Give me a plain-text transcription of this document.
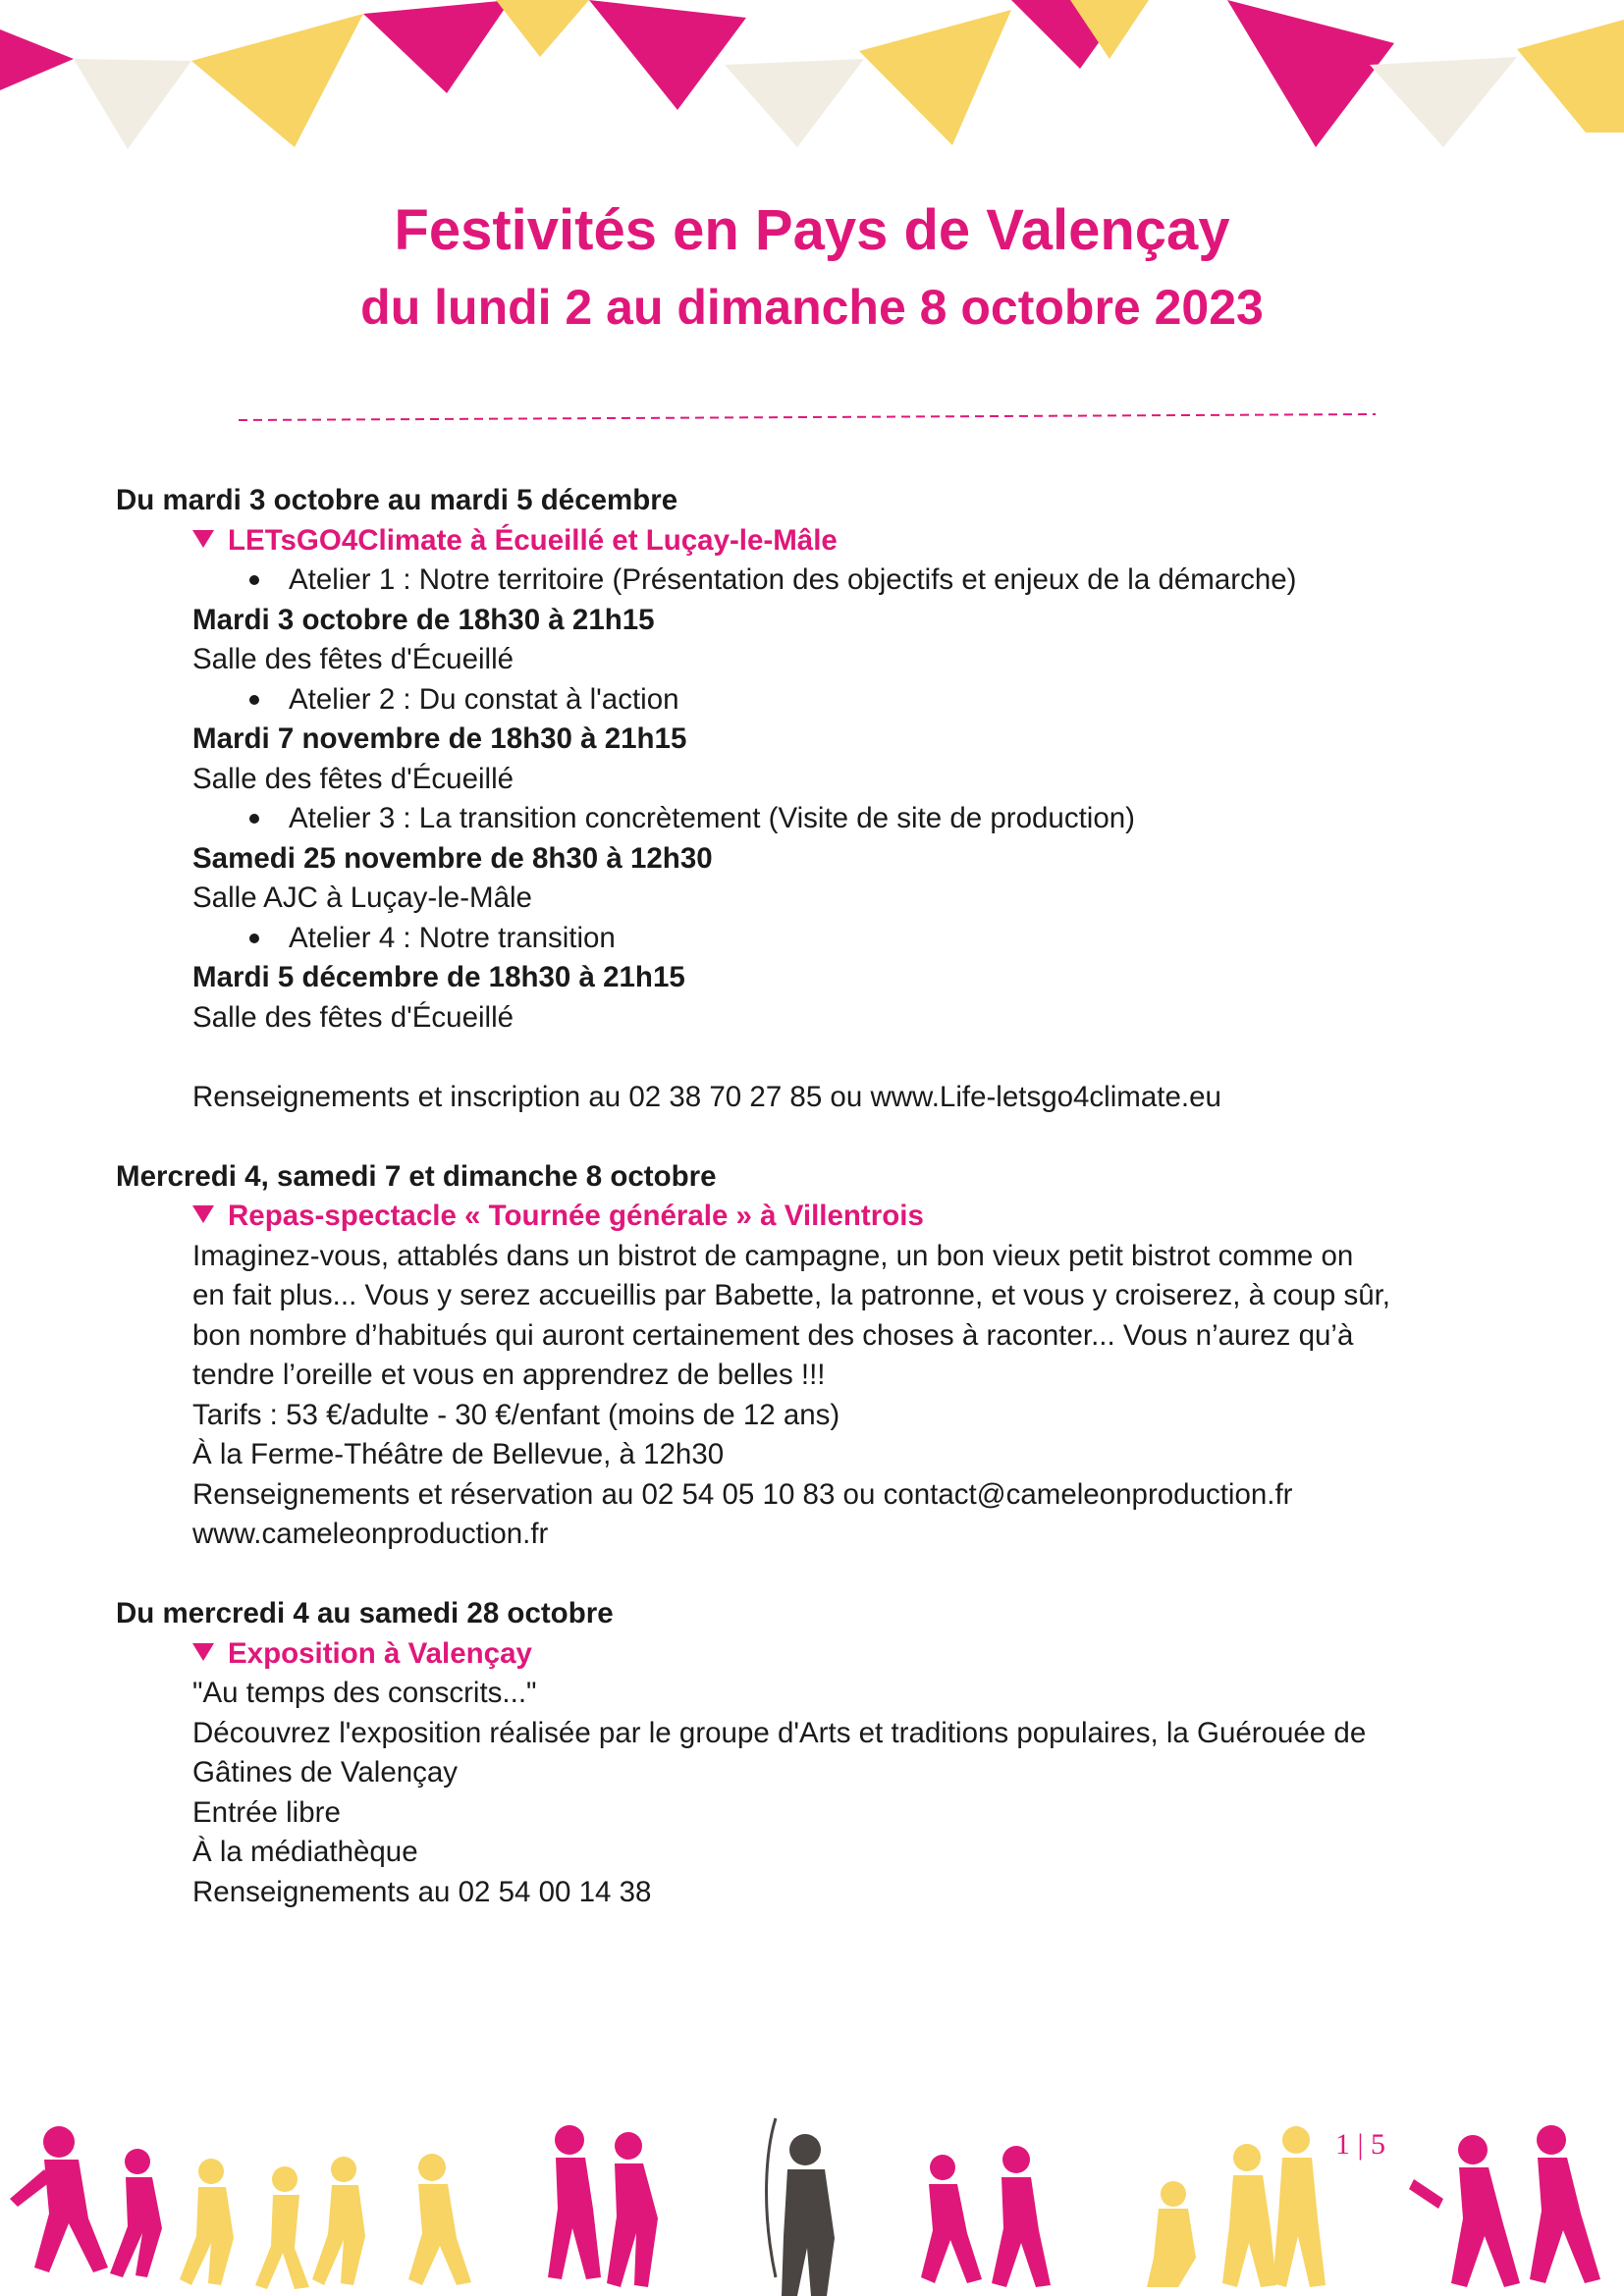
Festivités en Pays de Valençay
du lundi 2 au dimanche 8 octobre 2023
Du mardi 3 octobre au mardi 5 décembre
LETsGO4Climate à Écueillé et Luçay-le-Mâle
Atelier 1 : Notre territoire (Présentation des objectifs et enjeux de la démarche)
Mardi 3 octobre de 18h30 à 21h15
Salle des fêtes d'Écueillé
Atelier 2 : Du constat à l'action
Mardi 7 novembre de 18h30 à 21h15
Salle des fêtes d'Écueillé
Atelier 3 : La transition concrètement (Visite de site de production)
Samedi 25 novembre de 8h30 à 12h30
Salle AJC à Luçay-le-Mâle
Atelier 4 : Notre transition
Mardi 5 décembre de 18h30 à 21h15
Salle des fêtes d'Écueillé
Renseignements et inscription au 02 38 70 27 85 ou www.Life-letsgo4climate.eu
Mercredi 4, samedi 7 et dimanche 8 octobre
Repas-spectacle « Tournée générale » à Villentrois
Imaginez-vous, attablés dans un bistrot de campagne, un bon vieux petit bistrot comme on
en fait plus... Vous y serez accueillis par Babette, la patronne, et vous y croiserez, à coup sûr,
bon nombre d’habitués qui auront certainement des choses à raconter... Vous n’aurez qu’à
tendre l’oreille et vous en apprendrez de belles !!!
Tarifs : 53 €/adulte - 30 €/enfant (moins de 12 ans)
À la Ferme-Théâtre de Bellevue, à 12h30
Renseignements et réservation au 02 54 05 10 83 ou contact@cameleonproduction.fr
www.cameleonproduction.fr
Du mercredi 4 au samedi 28 octobre
Exposition à Valençay
"Au temps des conscrits..."
Découvrez l'exposition réalisée par le groupe d'Arts et traditions populaires, la Guérouée de
Gâtines de Valençay
Entrée libre
À la médiathèque
Renseignements au 02 54 00 14 38
1 | 5
